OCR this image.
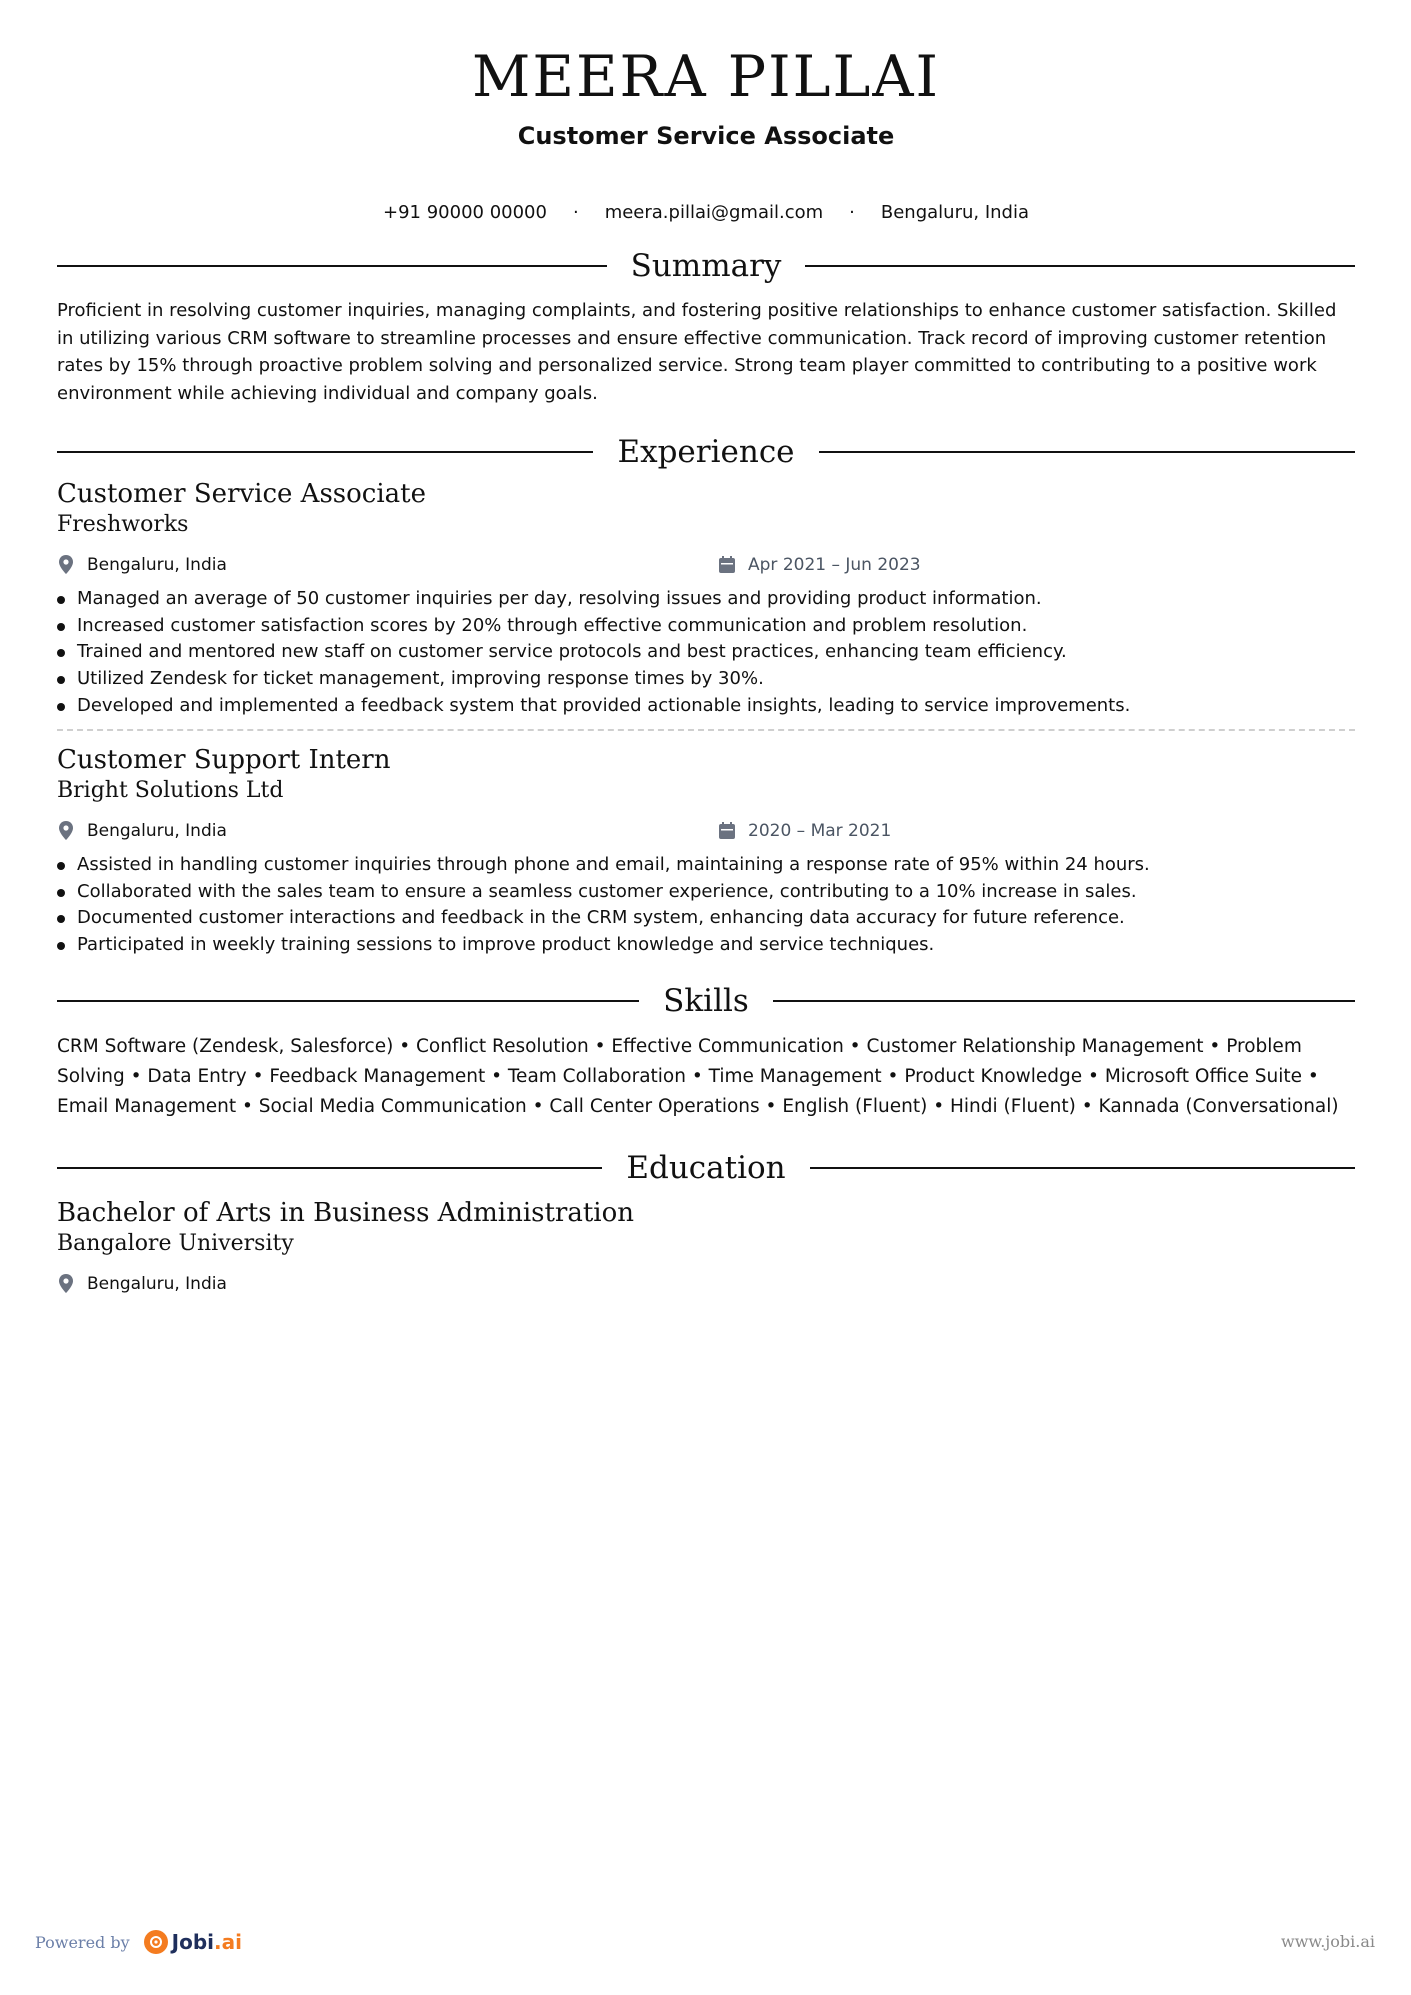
MEERA PILLAI
Customer Service Associate
+91 90000 00000 · meera.pillai@gmail.com · Bengaluru, India
Summary
Proficient in resolving customer inquiries, managing complaints, and fostering positive relationships to enhance customer satisfaction. Skilled in utilizing various CRM software to streamline processes and ensure effective communication. Track record of improving customer retention rates by 15% through proactive problem solving and personalized service. Strong team player committed to contributing to a positive work environment while achieving individual and company goals.
Experience
Customer Service Associate
Freshworks
Bengaluru, India	Apr 2021 – Jun 2023
Managed an average of 50 customer inquiries per day, resolving issues and providing product information.
Increased customer satisfaction scores by 20% through effective communication and problem resolution.
Trained and mentored new staff on customer service protocols and best practices, enhancing team efficiency.
Utilized Zendesk for ticket management, improving response times by 30%.
Developed and implemented a feedback system that provided actionable insights, leading to service improvements.
Customer Support Intern
Bright Solutions Ltd
Bengaluru, India	2020 – Mar 2021
Assisted in handling customer inquiries through phone and email, maintaining a response rate of 95% within 24 hours.
Collaborated with the sales team to ensure a seamless customer experience, contributing to a 10% increase in sales.
Documented customer interactions and feedback in the CRM system, enhancing data accuracy for future reference.
Participated in weekly training sessions to improve product knowledge and service techniques.
Skills
CRM Software (Zendesk, Salesforce) • Conflict Resolution • Effective Communication • Customer Relationship Management • Problem Solving • Data Entry • Feedback Management • Team Collaboration • Time Management • Product Knowledge • Microsoft Office Suite • Email Management • Social Media Communication • Call Center Operations • English (Fluent) • Hindi (Fluent) • Kannada (Conversational)
Education
Bachelor of Arts in Business Administration
Bangalore University
Bengaluru, India
Powered by Jobi.ai	www.jobi.ai
